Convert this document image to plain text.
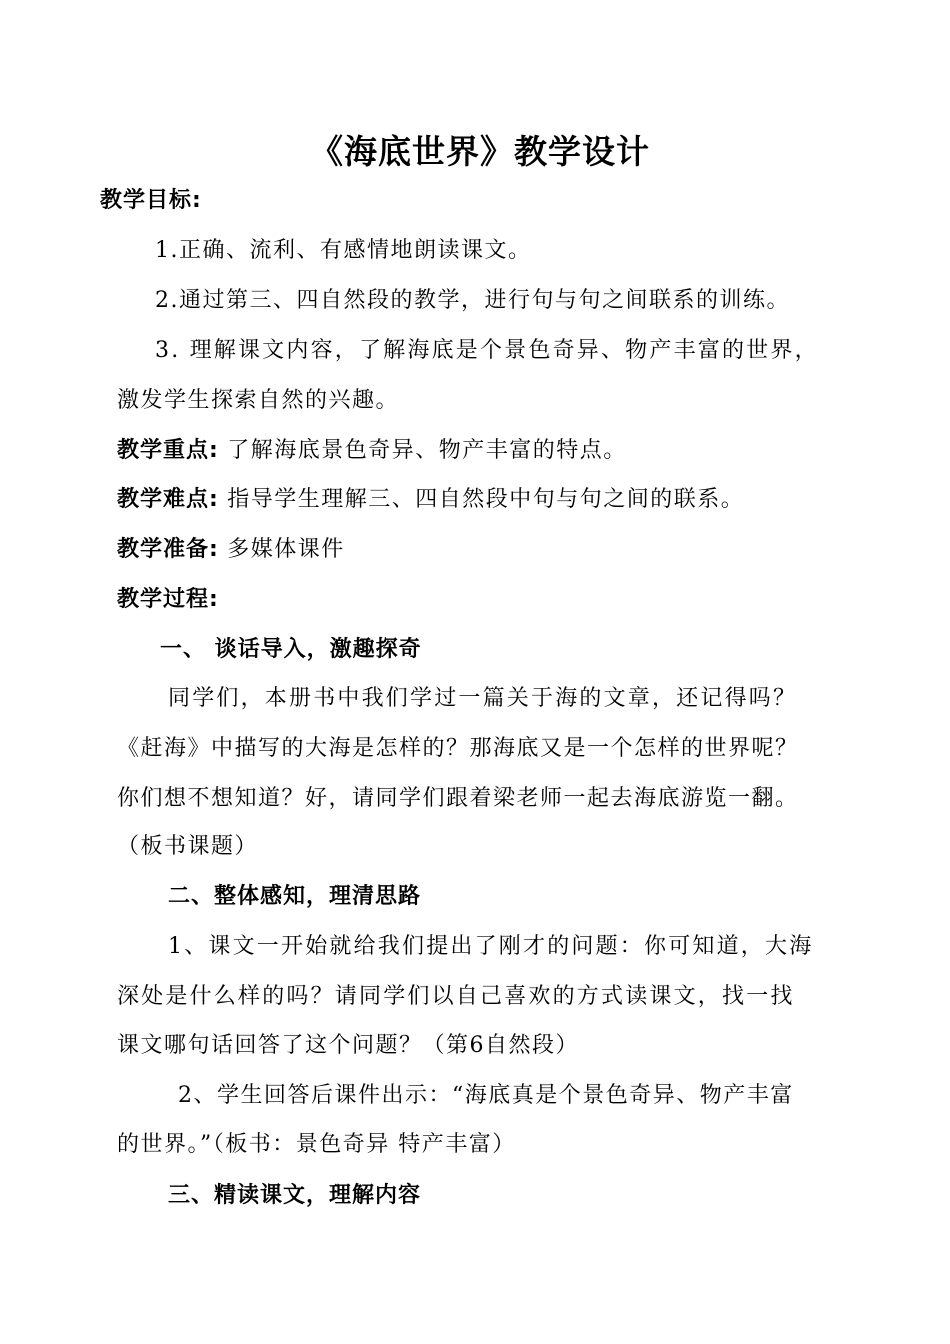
《海底世界》教学设计
教学目标:
1.正确、流利、有感情地朗读课文。
2.通过第三、四自然段的教学，进行句与句之间联系的训练。
3. 理解课文内容，了解海底是个景色奇异、物产丰富的世界，
激发学生探索自然的兴趣。
教学重点: 了解海底景色奇异、物产丰富的特点。
教学难点: 指导学生理解三、四自然段中句与句之间的联系。
教学准备: 多媒体课件
教学过程:
一、 谈话导入，激趣探奇
同学们，本册书中我们学过一篇关于海的文章，还记得吗？
《赶海》中描写的大海是怎样的？那海底又是一个怎样的世界呢？
你们想不想知道？好，请同学们跟着梁老师一起去海底游览一翻。
（板书课题）
二、整体感知，理清思路
1、课文一开始就给我们提出了刚才的问题：你可知道，大海
深处是什么样的吗？请同学们以自己喜欢的方式读课文，找一找
课文哪句话回答了这个问题？（第6自然段）
2、学生回答后课件出示：“海底真是个景色奇异、物产丰富
的世界。”（板书：景色奇异 特产丰富）
三、精读课文，理解内容
